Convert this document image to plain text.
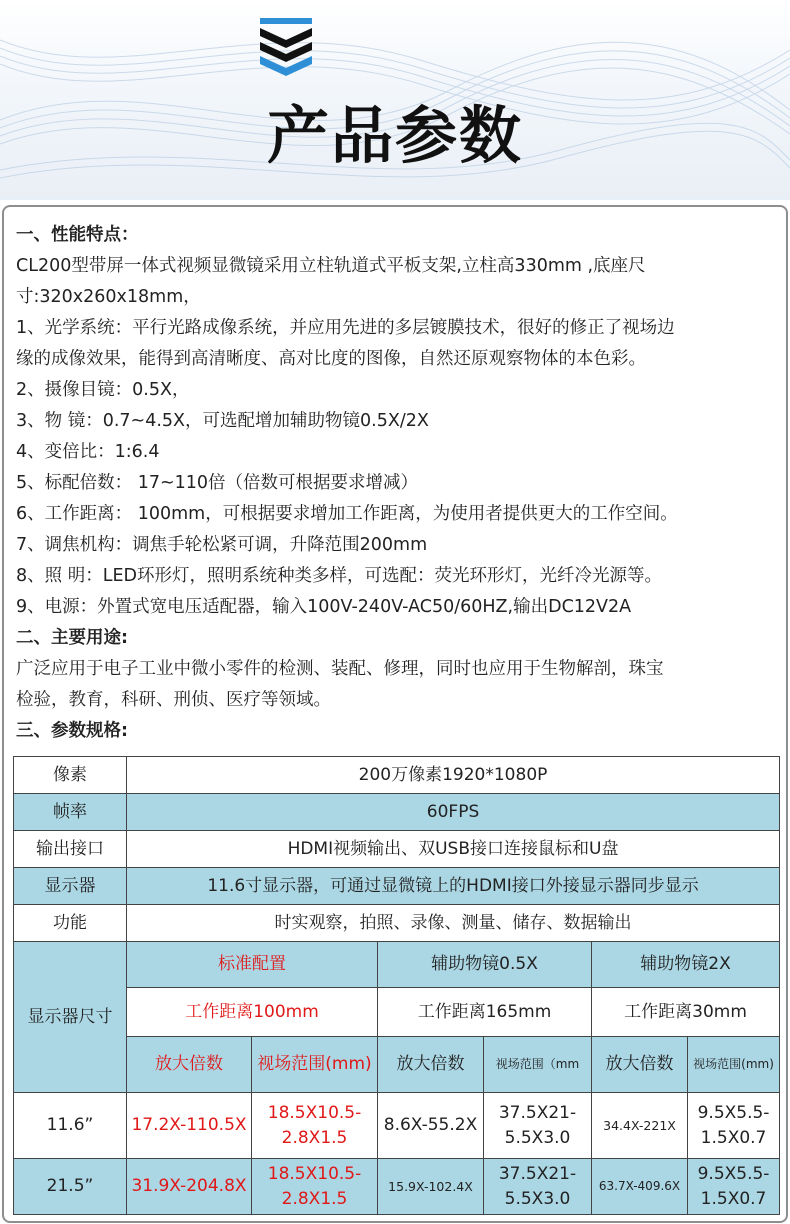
产品参数
一、性能特点：
CL200型带屏一体式视频显微镜采用立柱轨道式平板支架,立柱高330mm ,底座尺
寸:320x260x18mm，
1、光学系统：平行光路成像系统，并应用先进的多层镀膜技术，很好的修正了视场边
缘的成像效果，能得到高清晰度、高对比度的图像，自然还原观察物体的本色彩。
2、摄像目镜：0.5X，
3、物 镜：0.7~4.5X，可选配增加辅助物镜0.5X/2X
4、变倍比：1:6.4
5、标配倍数： 17~110倍（倍数可根据要求增减）
6、工作距离： 100mm，可根据要求增加工作距离，为使用者提供更大的工作空间。
7、调焦机构：调焦手轮松紧可调，升降范围200mm
8、照 明：LED环形灯，照明系统种类多样，可选配：荧光环形灯，光纤冷光源等。
9、电源：外置式宽电压适配器，输入100V-240V-AC50/60HZ,输出DC12V2A
二、主要用途:
广泛应用于电子工业中微小零件的检测、装配、修理，同时也应用于生物解剖，珠宝
检验，教育，科研、刑侦、医疗等领域。
三、参数规格:
像素	200万像素1920*1080P					
帧率	60FPS					
输出接口	HDMI视频输出、双USB接口连接鼠标和U盘					
显示器	11.6寸显示器，可通过显微镜上的HDMI接口外接显示器同步显示					
功能	时实观察，拍照、录像、测量、储存、数据输出					
显示器尺寸	标准配置		辅助物镜0.5X		辅助物镜2X	
	工作距离100mm		工作距离165mm		工作距离30mm	
	放大倍数	视场范围(mm)	放大倍数	视场范围（mm	放大倍数	视场范围(mm)
11.6”	17.2X-110.5X	18.5X10.5-2.8X1.5	8.6X-55.2X	37.5X21-5.5X3.0	34.4X-221X	9.5X5.5-1.5X0.7
21.5”	31.9X-204.8X	18.5X10.5-2.8X1.5	15.9X-102.4X	37.5X21-5.5X3.0	63.7X-409.6X	9.5X5.5-1.5X0.7
